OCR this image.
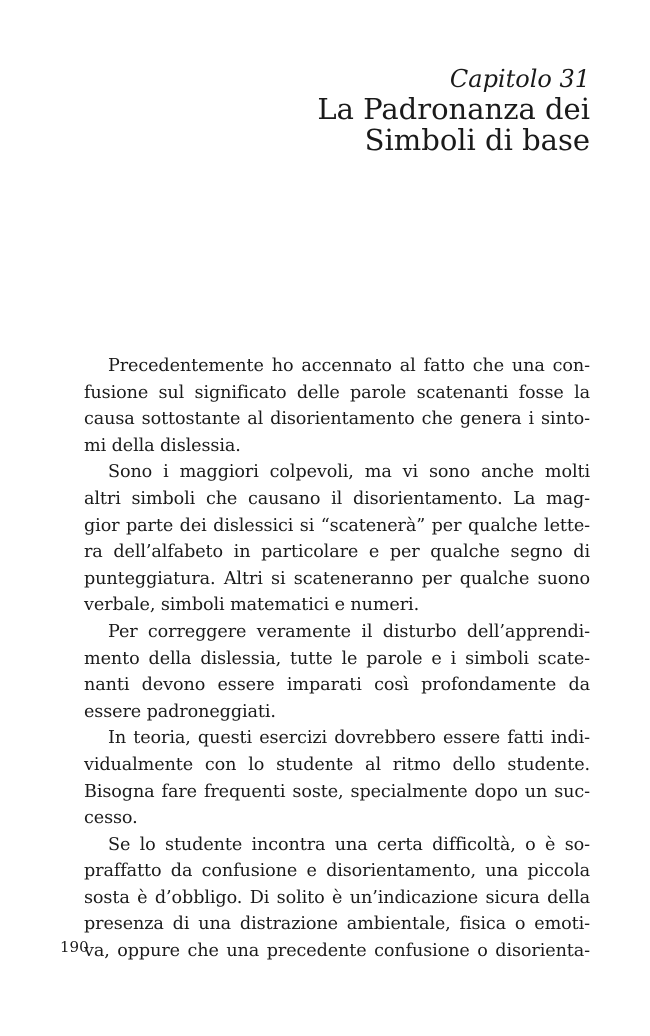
Capitolo 31

La Padronanza dei
Simboli di base

Precedentemente ho accennato al fatto che una con-
fusione sul significato delle parole scatenanti fosse la
causa sottostante al disorientamento che genera i sinto-
mi della dislessia.

Sono i maggiori colpevoli, ma vi sono anche molti
altri simboli che causano il disorientamento. La mag-
gior parte dei dislessici si “scatenerà” per qualche lette-
ra dell’alfabeto in particolare e per qualche segno di
punteggiatura. Altri si scateneranno per qualche suono
verbale, simboli matematici e numeri.

Per correggere veramente il disturbo dell’apprendi-
mento della dislessia, tutte le parole e i simboli scate-
nanti devono essere imparati così profondamente da
essere padroneggiati.

In teoria, questi esercizi dovrebbero essere fatti indi-
vidualmente con lo studente al ritmo dello studente.
Bisogna fare frequenti soste, specialmente dopo un suc-
cesso.

Se lo studente incontra una certa difficoltà, o è so-
praffatto da confusione e disorientamento, una piccola
sosta è d’obbligo. Di solito è un’indicazione sicura della
presenza di una distrazione ambientale, fisica o emoti-
va, oppure che una precedente confusione o disorienta-

190
